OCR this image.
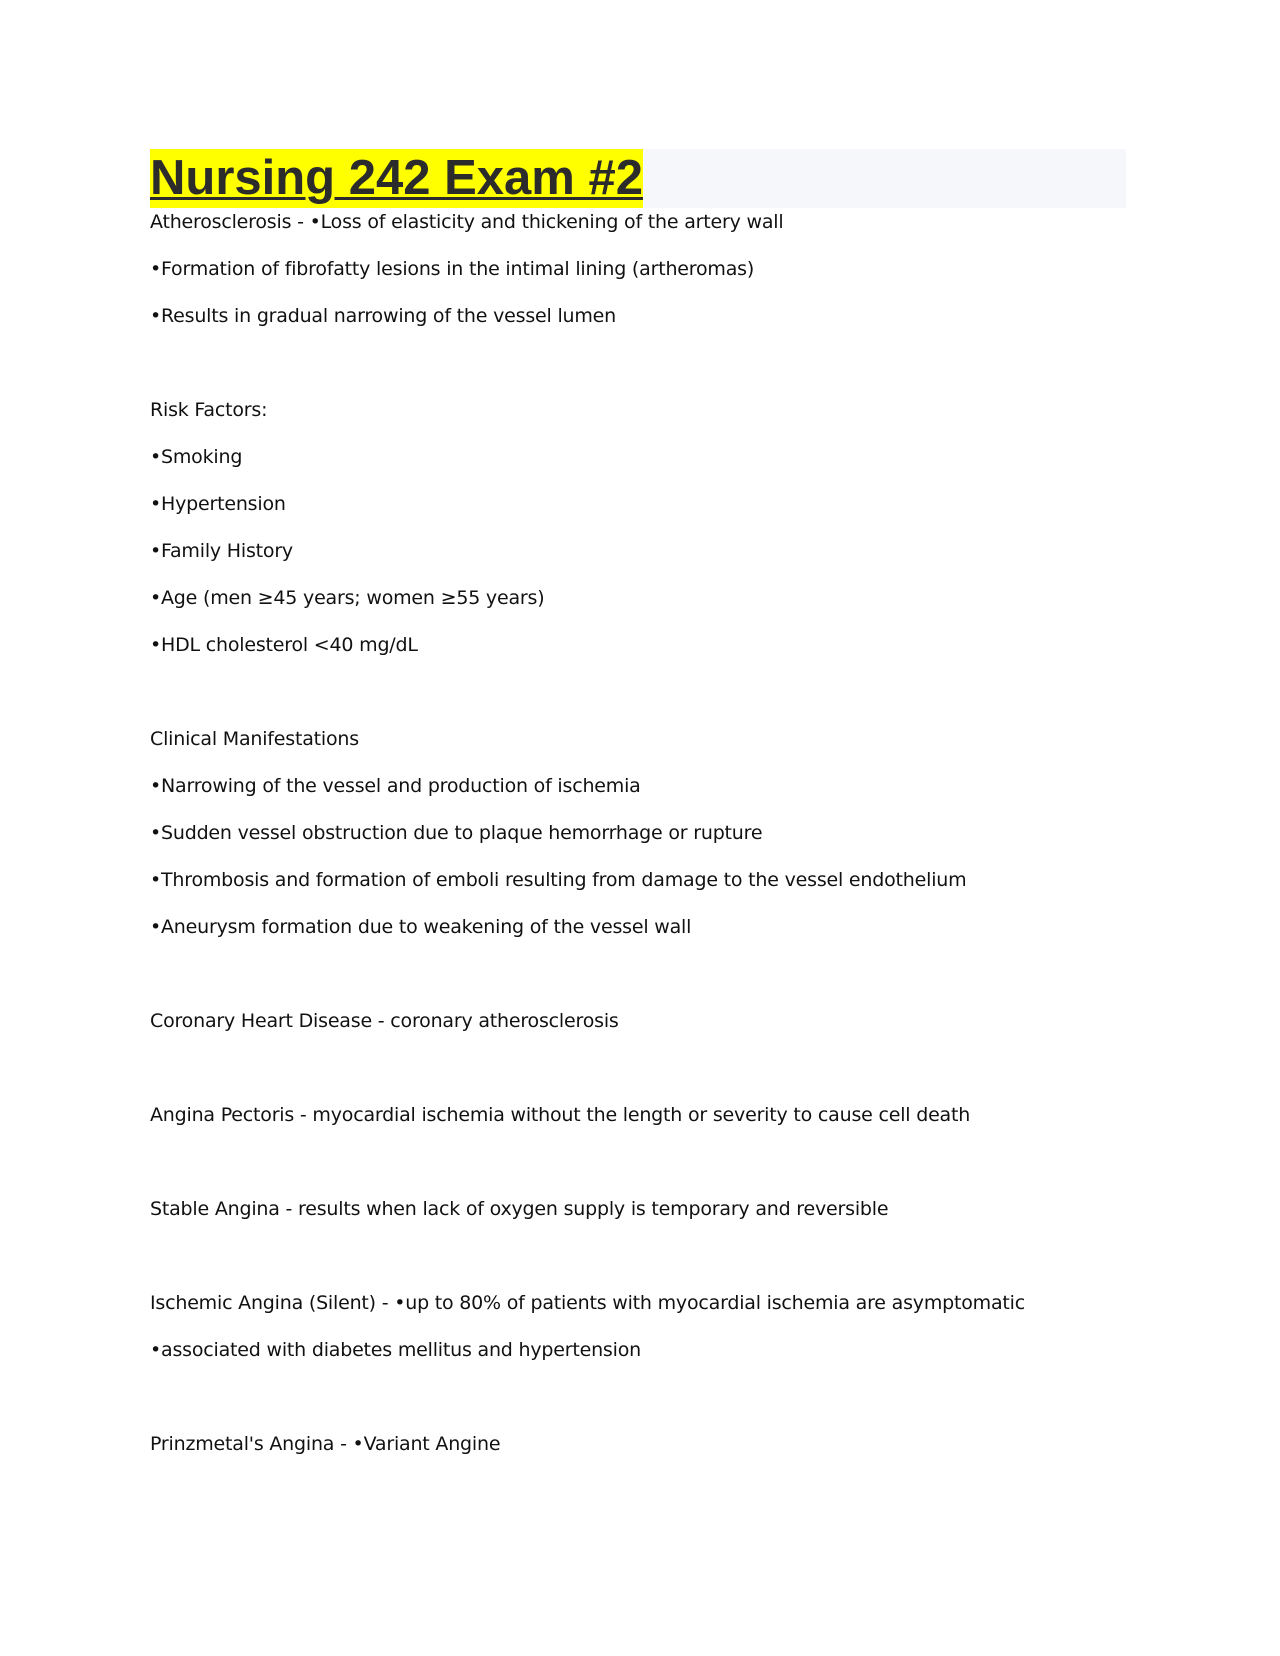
Nursing 242 Exam #2

Atherosclerosis - •Loss of elasticity and thickening of the artery wall

•Formation of fibrofatty lesions in the intimal lining (artheromas)

•Results in gradual narrowing of the vessel lumen

Risk Factors:

•Smoking

•Hypertension

•Family History

•Age (men ≥45 years; women ≥55 years)

•HDL cholesterol <40 mg/dL

Clinical Manifestations

•Narrowing of the vessel and production of ischemia

•Sudden vessel obstruction due to plaque hemorrhage or rupture

•Thrombosis and formation of emboli resulting from damage to the vessel endothelium

•Aneurysm formation due to weakening of the vessel wall

Coronary Heart Disease - coronary atherosclerosis

Angina Pectoris - myocardial ischemia without the length or severity to cause cell death

Stable Angina - results when lack of oxygen supply is temporary and reversible

Ischemic Angina (Silent) - •up to 80% of patients with myocardial ischemia are asymptomatic

•associated with diabetes mellitus and hypertension

Prinzmetal's Angina - •Variant Angine
